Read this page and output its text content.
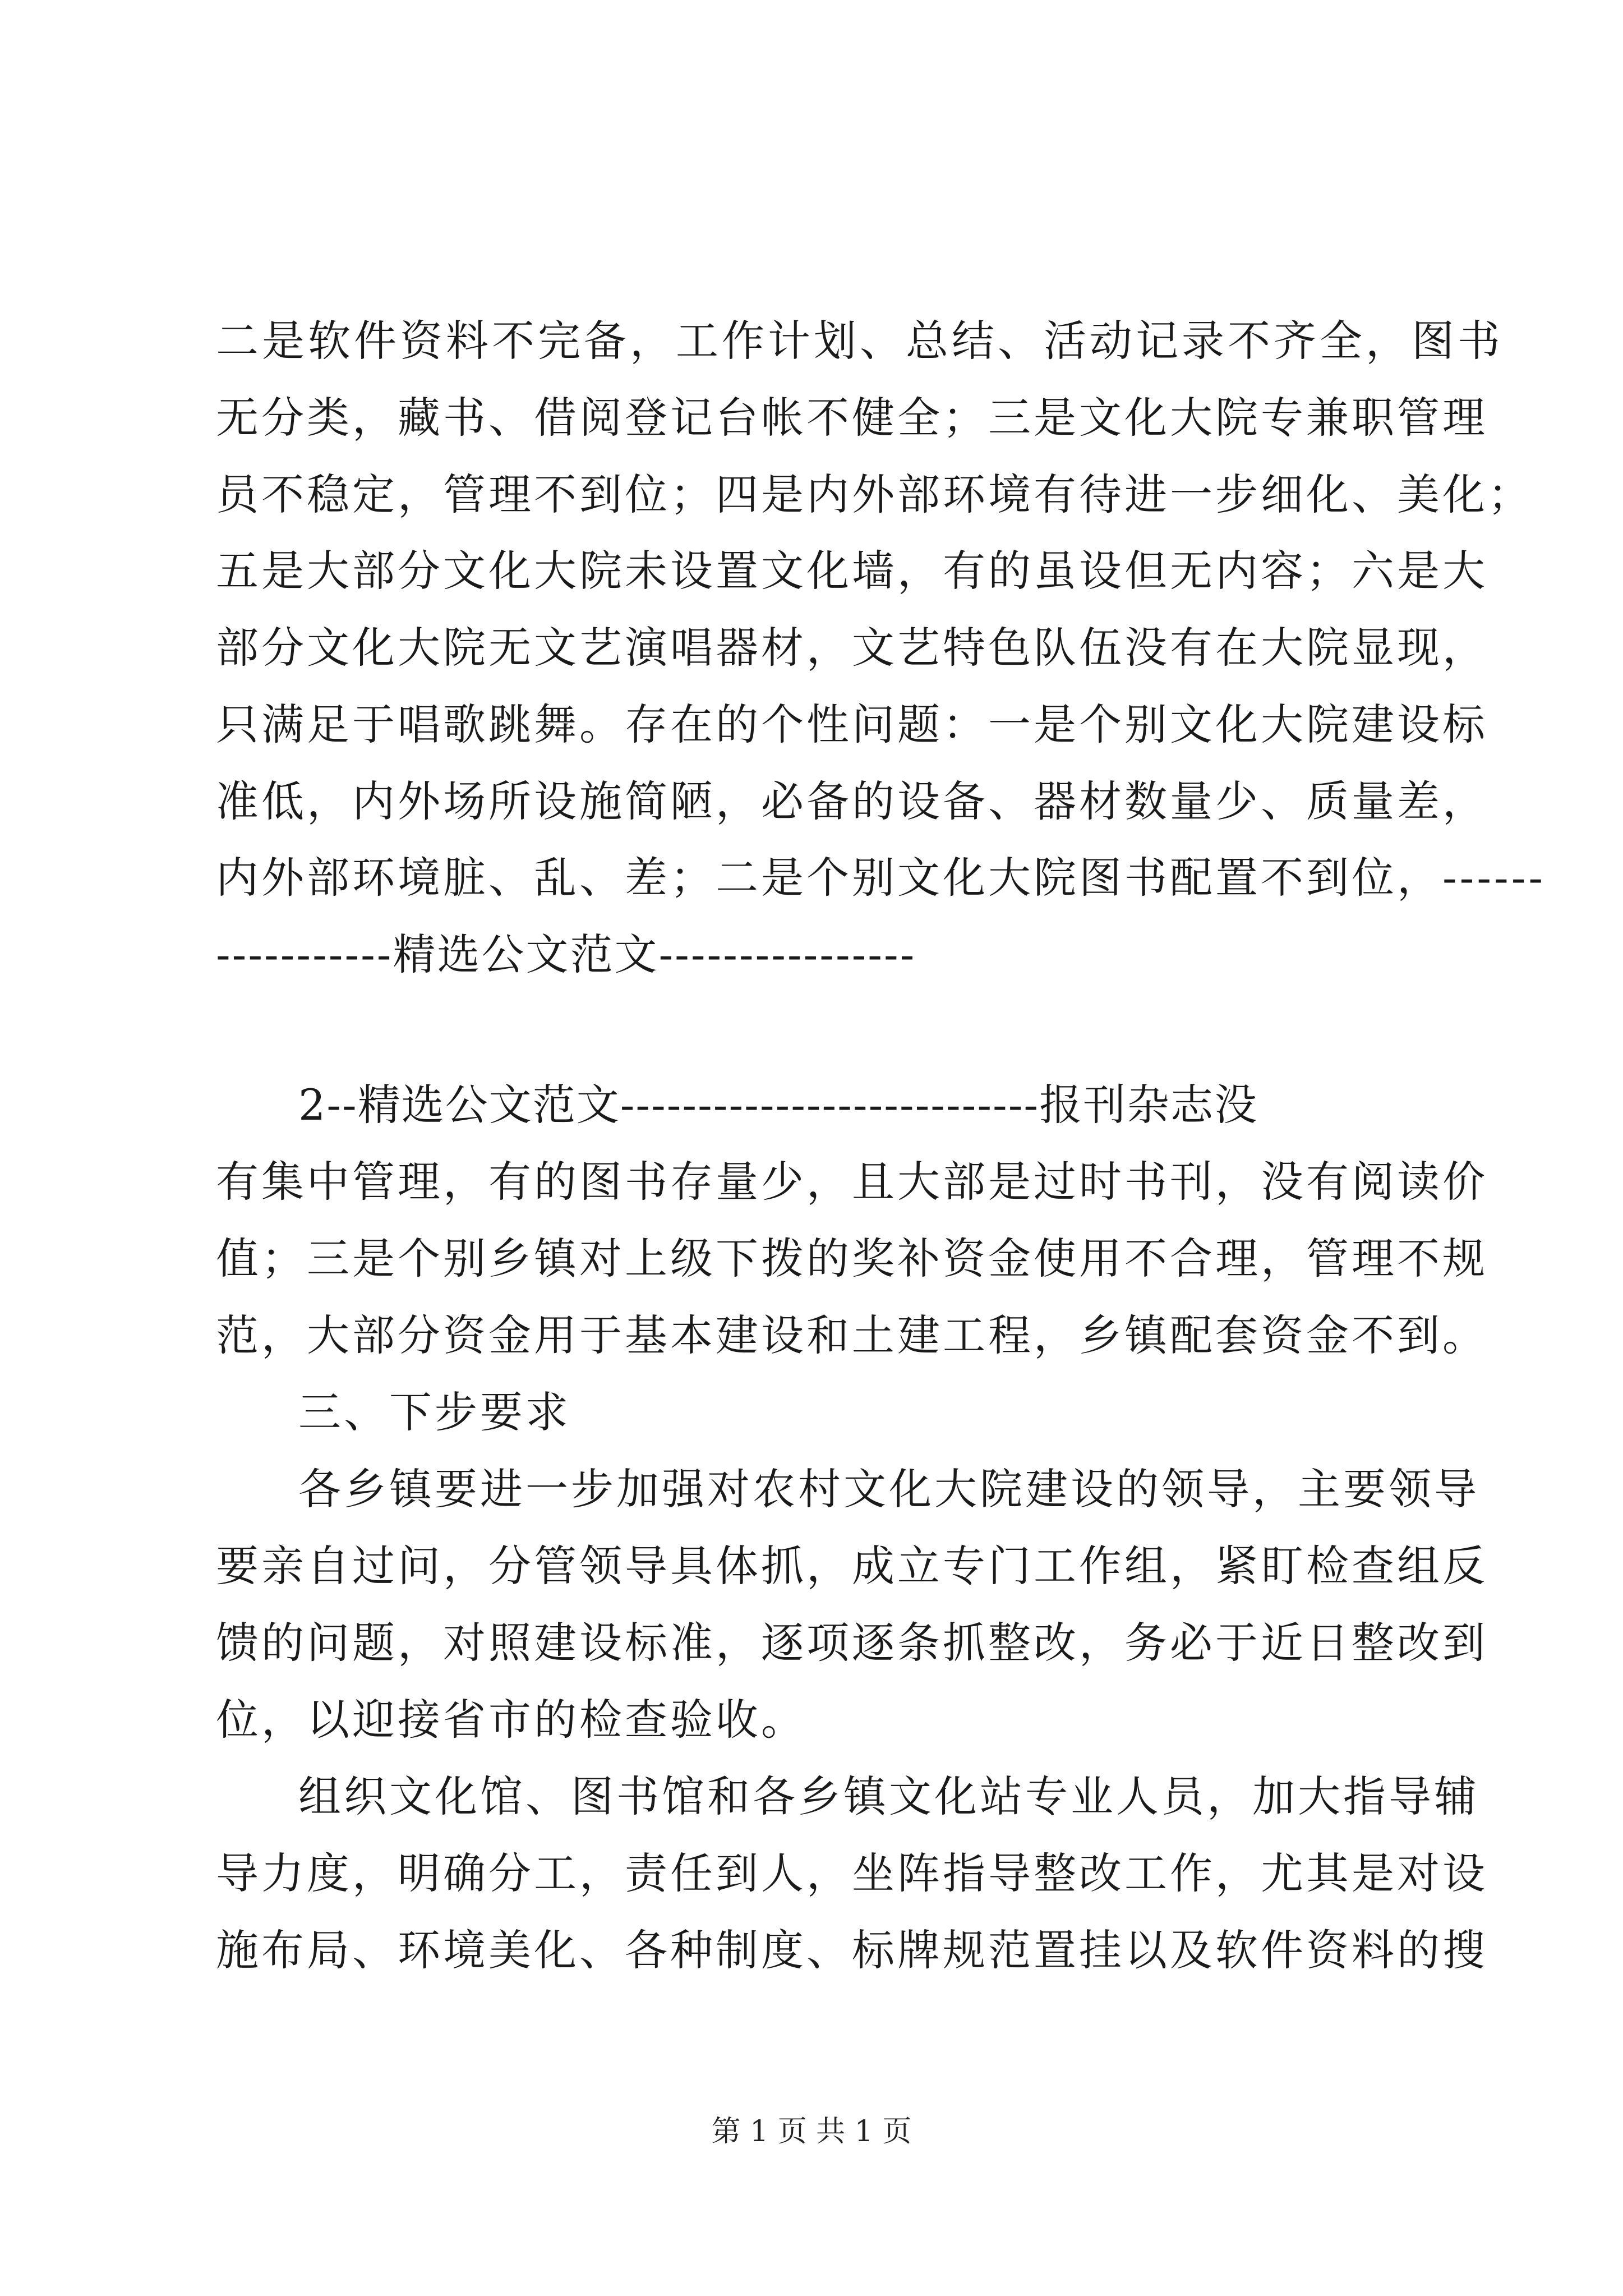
二是软件资料不完备，工作计划、总结、活动记录不齐全，图书
无分类，藏书、借阅登记台帐不健全；三是文化大院专兼职管理
员不稳定，管理不到位；四是内外部环境有待进一步细化、美化；
五是大部分文化大院未设置文化墙，有的虽设但无内容；六是大
部分文化大院无文艺演唱器材，文艺特色队伍没有在大院显现，
只满足于唱歌跳舞。存在的个性问题：一是个别文化大院建设标
准低，内外场所设施简陋，必备的设备、器材数量少、质量差，
内外部环境脏、乱、差；二是个别文化大院图书配置不到位，------
-----------精选公文范文----------------
2--精选公文范文---------------------------报刊杂志没
有集中管理，有的图书存量少，且大部是过时书刊，没有阅读价
值；三是个别乡镇对上级下拨的奖补资金使用不合理，管理不规
范，大部分资金用于基本建设和土建工程，乡镇配套资金不到。
三、下步要求
各乡镇要进一步加强对农村文化大院建设的领导，主要领导
要亲自过问，分管领导具体抓，成立专门工作组，紧盯检查组反
馈的问题，对照建设标准，逐项逐条抓整改，务必于近日整改到
位，以迎接省市的检查验收。
组织文化馆、图书馆和各乡镇文化站专业人员，加大指导辅
导力度，明确分工，责任到人，坐阵指导整改工作，尤其是对设
施布局、环境美化、各种制度、标牌规范置挂以及软件资料的搜
第 1 页 共 1 页
